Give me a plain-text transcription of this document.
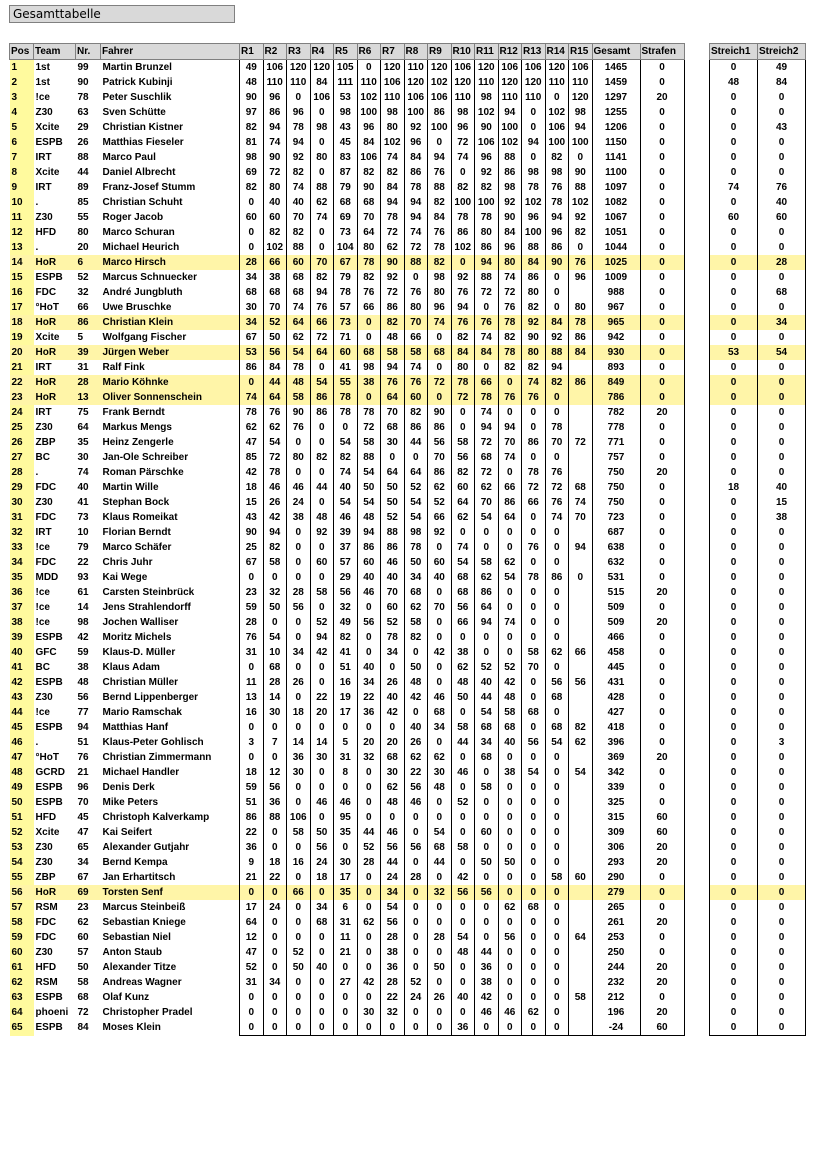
Gesamttabelle
Pos	Team	Nr.	Fahrer	R1	R2	R3	R4	R5	R6	R7	R8	R9	R10	R11	R12	R13	R14	R15	Gesamt	Strafen
1	1st	99	Martin Brunzel	49	106	120	120	105	0	120	110	120	106	120	106	106	120	106	1465	0
2	1st	90	Patrick Kubinji	48	110	110	84	111	110	106	120	102	120	110	120	120	110	110	1459	0
3	!ce	78	Peter Suschlik	90	96	0	106	53	102	110	106	106	110	98	110	110	0	120	1297	20
4	Z30	63	Sven Schütte	97	86	96	0	98	100	98	100	86	98	102	94	0	102	98	1255	0
5	Xcite	29	Christian Kistner	82	94	78	98	43	96	80	92	100	96	90	100	0	106	94	1206	0
6	ESPB	26	Matthias Fieseler	81	74	94	0	45	84	102	96	0	72	106	102	94	100	100	1150	0
7	IRT	88	Marco Paul	98	90	92	80	83	106	74	84	94	74	96	88	0	82	0	1141	0
8	Xcite	44	Daniel Albrecht	69	72	82	0	87	82	82	86	76	0	92	86	98	98	90	1100	0
9	IRT	89	Franz-Josef Stumm	82	80	74	88	79	90	84	78	88	82	82	98	78	76	88	1097	0
10	.	85	Christian Schuht	0	40	40	62	68	68	94	94	82	100	100	92	102	78	102	1082	0
11	Z30	55	Roger Jacob	60	60	70	74	69	70	78	94	84	78	78	90	96	94	92	1067	0
12	HFD	80	Marco Schuran	0	82	82	0	73	64	72	74	76	86	80	84	100	96	82	1051	0
13	.	20	Michael Heurich	0	102	88	0	104	80	62	72	78	102	86	96	88	86	0	1044	0
14	HoR	6	Marco Hirsch	28	66	60	70	67	78	90	88	82	0	94	80	84	90	76	1025	0
15	ESPB	52	Marcus Schnuecker	34	38	68	82	79	82	92	0	98	92	88	74	86	0	96	1009	0
16	FDC	32	André Jungbluth	68	68	68	94	78	76	72	76	80	76	72	72	80	0		988	0
17	°HoT	66	Uwe Bruschke	30	70	74	76	57	66	86	80	96	94	0	76	82	0	80	967	0
18	HoR	86	Christian Klein	34	52	64	66	73	0	82	70	74	76	76	78	92	84	78	965	0
19	Xcite	5	Wolfgang Fischer	67	50	62	72	71	0	48	66	0	82	74	82	90	92	86	942	0
20	HoR	39	Jürgen Weber	53	56	54	64	60	68	58	58	68	84	84	78	80	88	84	930	0
21	IRT	31	Ralf Fink	86	84	78	0	41	98	94	74	0	80	0	82	82	94		893	0
22	HoR	28	Mario Köhnke	0	44	48	54	55	38	76	76	72	78	66	0	74	82	86	849	0
23	HoR	13	Oliver Sonnenschein	74	64	58	86	78	0	64	60	0	72	78	76	76	0		786	0
24	IRT	75	Frank Berndt	78	76	90	86	78	78	70	82	90	0	74	0	0	0		782	20
25	Z30	64	Markus Mengs	62	62	76	0	0	72	68	86	86	0	94	94	0	78		778	0
26	ZBP	35	Heinz Zengerle	47	54	0	0	54	58	30	44	56	58	72	70	86	70	72	771	0
27	BC	30	Jan-Ole Schreiber	85	72	80	82	82	88	0	0	70	56	68	74	0	0		757	0
28	.	74	Roman Pärschke	42	78	0	0	74	54	64	64	86	82	72	0	78	76		750	20
29	FDC	40	Martin Wille	18	46	46	44	40	50	50	52	62	60	62	66	72	72	68	750	0
30	Z30	41	Stephan Bock	15	26	24	0	54	54	50	54	52	64	70	86	66	76	74	750	0
31	FDC	73	Klaus Romeikat	43	42	38	48	46	48	52	54	66	62	54	64	0	74	70	723	0
32	IRT	10	Florian Berndt	90	94	0	92	39	94	88	98	92	0	0	0	0	0		687	0
33	!ce	79	Marco Schäfer	25	82	0	0	37	86	86	78	0	74	0	0	76	0	94	638	0
34	FDC	22	Chris Juhr	67	58	0	60	57	60	46	50	60	54	58	62	0	0		632	0
35	MDD	93	Kai Wege	0	0	0	0	29	40	40	34	40	68	62	54	78	86	0	531	0
36	!ce	61	Carsten Steinbrück	23	32	28	58	56	46	70	68	0	68	86	0	0	0		515	20
37	!ce	14	Jens Strahlendorff	59	50	56	0	32	0	60	62	70	56	64	0	0	0		509	0
38	!ce	98	Jochen Walliser	28	0	0	52	49	56	52	58	0	66	94	74	0	0		509	20
39	ESPB	42	Moritz Michels	76	54	0	94	82	0	78	82	0	0	0	0	0	0		466	0
40	GFC	59	Klaus-D. Müller	31	10	34	42	41	0	34	0	42	38	0	0	58	62	66	458	0
41	BC	38	Klaus Adam	0	68	0	0	51	40	0	50	0	62	52	52	70	0		445	0
42	ESPB	48	Christian Müller	11	28	26	0	16	34	26	48	0	48	40	42	0	56	56	431	0
43	Z30	56	Bernd Lippenberger	13	14	0	22	19	22	40	42	46	50	44	48	0	68		428	0
44	!ce	77	Mario Ramschak	16	30	18	20	17	36	42	0	68	0	54	58	68	0		427	0
45	ESPB	94	Matthias Hanf	0	0	0	0	0	0	0	40	34	58	68	68	0	68	82	418	0
46	.	51	Klaus-Peter Gohlisch	3	7	14	14	5	20	20	26	0	44	34	40	56	54	62	396	0
47	°HoT	76	Christian Zimmermann	0	0	36	30	31	32	68	62	62	0	68	0	0	0		369	20
48	GCRD	21	Michael Handler	18	12	30	0	8	0	30	22	30	46	0	38	54	0	54	342	0
49	ESPB	96	Denis Derk	59	56	0	0	0	0	62	56	48	0	58	0	0	0		339	0
50	ESPB	70	Mike Peters	51	36	0	46	46	0	48	46	0	52	0	0	0	0		325	0
51	HFD	45	Christoph Kalverkamp	86	88	106	0	95	0	0	0	0	0	0	0	0	0		315	60
52	Xcite	47	Kai Seifert	22	0	58	50	35	44	46	0	54	0	60	0	0	0		309	60
53	Z30	65	Alexander Gutjahr	36	0	0	56	0	52	56	56	68	58	0	0	0	0		306	20
54	Z30	34	Bernd Kempa	9	18	16	24	30	28	44	0	44	0	50	50	0	0		293	20
55	ZBP	67	Jan Erhartitsch	21	22	0	18	17	0	24	28	0	42	0	0	0	58	60	290	0
56	HoR	69	Torsten Senf	0	0	66	0	35	0	34	0	32	56	56	0	0	0		279	0
57	RSM	23	Marcus Steinbeiß	17	24	0	34	6	0	54	0	0	0	0	62	68	0		265	0
58	FDC	62	Sebastian Kniege	64	0	0	68	31	62	56	0	0	0	0	0	0	0		261	20
59	FDC	60	Sebastian Niel	12	0	0	0	11	0	28	0	28	54	0	56	0	0	64	253	0
60	Z30	57	Anton Staub	47	0	52	0	21	0	38	0	0	48	44	0	0	0		250	0
61	HFD	50	Alexander Titze	52	0	50	40	0	0	36	0	50	0	36	0	0	0		244	20
62	RSM	58	Andreas Wagner	31	34	0	0	27	42	28	52	0	0	38	0	0	0		232	20
63	ESPB	68	Olaf Kunz	0	0	0	0	0	0	22	24	26	40	42	0	0	0	58	212	0
64	phoeni	72	Christopher Pradel	0	0	0	0	0	30	32	0	0	0	46	46	62	0		196	20
65	ESPB	84	Moses Klein	0	0	0	0	0	0	0	0	0	36	0	0	0	0		-24	60
Streich1	Streich2
0	49
48	84
0	0
0	0
0	43
0	0
0	0
0	0
74	76
0	40
60	60
0	0
0	0
0	28
0	0
0	68
0	0
0	34
0	0
53	54
0	0
0	0
0	0
0	0
0	0
0	0
0	0
0	0
18	40
0	15
0	38
0	0
0	0
0	0
0	0
0	0
0	0
0	0
0	0
0	0
0	0
0	0
0	0
0	0
0	0
0	3
0	0
0	0
0	0
0	0
0	0
0	0
0	0
0	0
0	0
0	0
0	0
0	0
0	0
0	0
0	0
0	0
0	0
0	0
0	0
